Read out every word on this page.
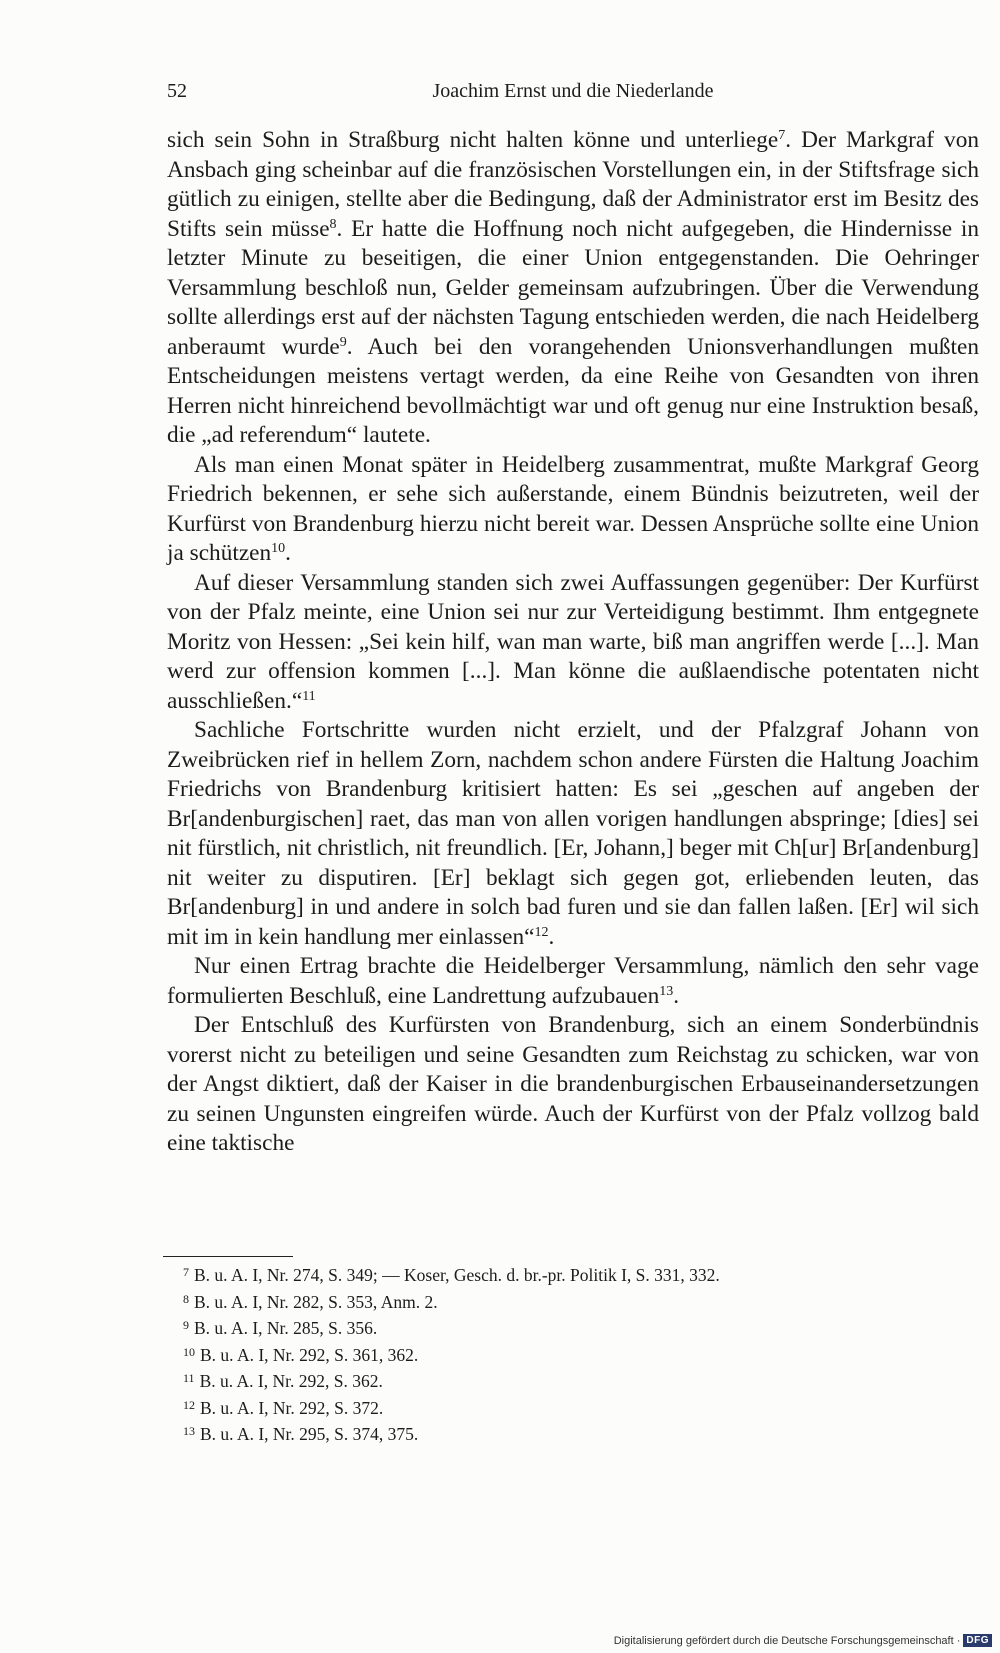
52	Joachim Ernst und die Niederlande

sich sein Sohn in Straßburg nicht halten könne und unterliege$^7$. Der Markgraf von Ansbach ging scheinbar auf die französischen Vorstellungen ein, in der Stiftsfrage sich gütlich zu einigen, stellte aber die Bedingung, daß der Administrator erst im Besitz des Stifts sein müsse$^8$. Er hatte die Hoffnung noch nicht aufgegeben, die Hindernisse in letzter Minute zu beseitigen, die einer Union entgegenstanden. Die Oehringer Versammlung beschloß nun, Gelder gemeinsam aufzubringen. Über die Verwendung sollte allerdings erst auf der nächsten Tagung entschieden werden, die nach Heidelberg anberaumt wurde$^9$. Auch bei den vorangehenden Unionsverhandlungen mußten Entscheidungen meistens vertagt werden, da eine Reihe von Gesandten von ihren Herren nicht hinreichend bevollmächtigt war und oft genug nur eine Instruktion besaß, die „ad referendum“ lautete.

Als man einen Monat später in Heidelberg zusammentrat, mußte Markgraf Georg Friedrich bekennen, er sehe sich außerstande, einem Bündnis beizutreten, weil der Kurfürst von Brandenburg hierzu nicht bereit war. Dessen Ansprüche sollte eine Union ja schützen$^{10}$.

Auf dieser Versammlung standen sich zwei Auffassungen gegenüber: Der Kurfürst von der Pfalz meinte, eine Union sei nur zur Verteidigung bestimmt. Ihm entgegnete Moritz von Hessen: „Sei kein hilf, wan man warte, biß man angriffen werde [...]. Man werd zur offension kommen [...]. Man könne die außlaendische potentaten nicht ausschließen.“$^{11}$

Sachliche Fortschritte wurden nicht erzielt, und der Pfalzgraf Johann von Zweibrücken rief in hellem Zorn, nachdem schon andere Fürsten die Haltung Joachim Friedrichs von Brandenburg kritisiert hatten: Es sei „geschen auf angeben der Br[andenburgischen] raet, das man von allen vorigen handlungen abspringe; [dies] sei nit fürstlich, nit christlich, nit freundlich. [Er, Johann,] beger mit Ch[ur] Br[andenburg] nit weiter zu disputiren. [Er] beklagt sich gegen got, erliebenden leuten, das Br[andenburg] in und andere in solch bad furen und sie dan fallen laßen. [Er] wil sich mit im in kein handlung mer einlassen“$^{12}$.

Nur einen Ertrag brachte die Heidelberger Versammlung, nämlich den sehr vage formulierten Beschluß, eine Landrettung aufzubauen$^{13}$.

Der Entschluß des Kurfürsten von Brandenburg, sich an einem Sonderbündnis vorerst nicht zu beteiligen und seine Gesandten zum Reichstag zu schicken, war von der Angst diktiert, daß der Kaiser in die brandenburgischen Erbauseinandersetzungen zu seinen Ungunsten eingreifen würde. Auch der Kurfürst von der Pfalz vollzog bald eine taktische

$^7$ B. u. A. I, Nr. 274, S. 349; — Koser, Gesch. d. br.-pr. Politik I, S. 331, 332.
$^8$ B. u. A. I, Nr. 282, S. 353, Anm. 2.
$^9$ B. u. A. I, Nr. 285, S. 356.
$^{10}$ B. u. A. I, Nr. 292, S. 361, 362.
$^{11}$ B. u. A. I, Nr. 292, S. 362.
$^{12}$ B. u. A. I, Nr. 292, S. 372.
$^{13}$ B. u. A. I, Nr. 295, S. 374, 375.
Digitalisierung gefördert durch die Deutsche Forschungsgemeinschaft · DFG
